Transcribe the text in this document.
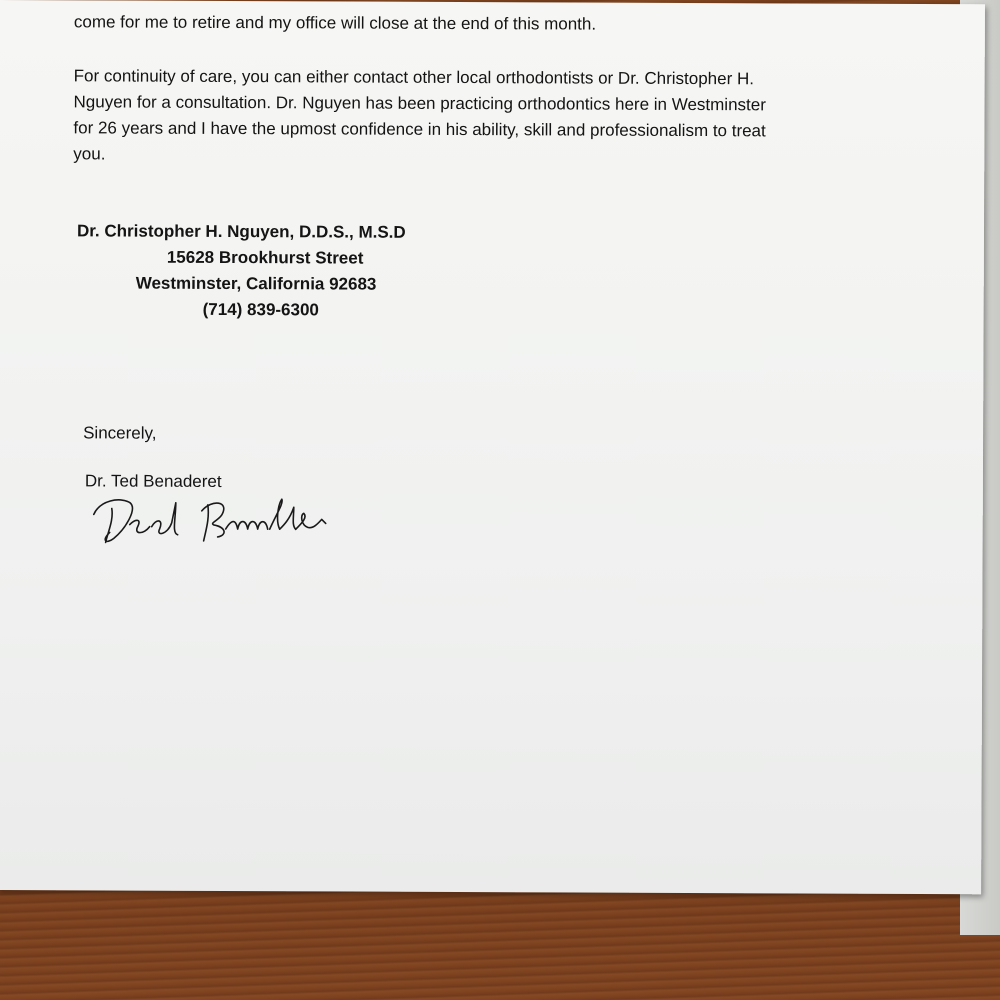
come for me to retire and my office will close at the end of this month.

For continuity of care, you can either contact other local orthodontists or Dr. Christopher H.

Nguyen for a consultation. Dr. Nguyen has been practicing orthodontics here in Westminster

for 26 years and I have the upmost confidence in his ability, skill and professionalism to treat

you.

Dr. Christopher H. Nguyen, D.D.S., M.S.D

15628 Brookhurst Street

Westminster, California 92683

(714) 839-6300

Sincerely,

Dr. Ted Benaderet
